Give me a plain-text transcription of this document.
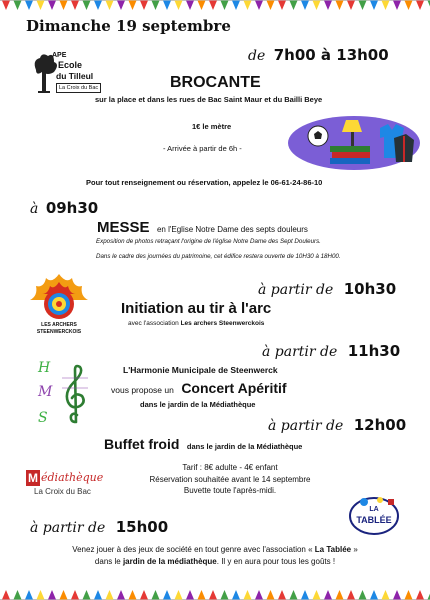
Dimanche 19 septembre
APE
Ecole
du Tilleul
La Croix du Bac
de 7h00 à 13h00
BROCANTE
sur la place et dans les rues de Bac Saint Maur et du Bailli Beye
1€ le mètre
- Arrivée à partir de 6h -
Pour tout renseignement ou réservation, appelez le 06-61-24-86-10
à 09h30
MESSE en l'Eglise Notre Dame des septs douleurs
Exposition de photos retraçant l'origine de l'église Notre Dame des Sept Douleurs.
Dans le cadre des journées du patrimoine, cet édifice restera ouverte de 10H30 à 18H00.
LES ARCHERS
STEENWERCKOIS
à partir de 10h30
Initiation au tir à l'arc
avec l'association Les archers Steenwerckois
à partir de 11h30
H
M
S
L'Harmonie Municipale de Steenwerck
vous propose un Concert Apéritif
dans le jardin de la Médiathèque
à partir de 12h00
Buffet froid dans le jardin de la Médiathèque
Tarif : 8€ adulte - 4€ enfant
Réservation souhaitée avant le 14 septembre
Buvette toute l'après-midi.
M édiathèque
La Croix du Bac
LA
TABLÉE
à partir de 15h00
Venez jouer à des jeux de société en tout genre avec l'association « La Tablée »
dans le jardin de la médiathèque. Il y en aura pour tous les goûts !
